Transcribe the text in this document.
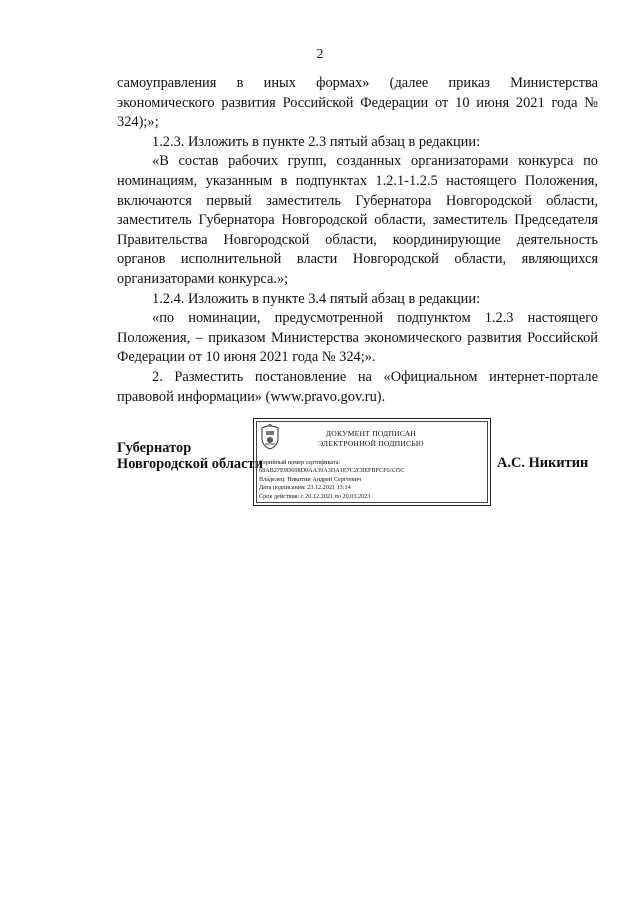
2

самоуправления в иных формах» (далее приказ Министерства экономического развития Российской Федерации от 10 июня 2021 года № 324);»;

1.2.3. Изложить в пункте 2.3 пятый абзац в редакции:

«В состав рабочих групп, созданных организаторами конкурса по номинациям, указанным в подпунктах 1.2.1-1.2.5 настоящего Положения, включаются первый заместитель Губернатора Новгородской области, заместитель Губернатора Новгородской области, заместитель Председателя Правительства Новгородской области, координирующие деятельность органов исполнительной власти Новгородской области, являющихся организаторами конкурса.»;

1.2.4. Изложить в пункте 3.4 пятый абзац в редакции:

«по номинации, предусмотренной подпунктом 1.2.3 настоящего Положения, – приказом Министерства экономического развития Российской Федерации от 10 июня 2021 года № 324;».

2. Разместить постановление на «Официальном интернет-портале правовой информации» (www.pravo.gov.ru).

Губернатор
Новгородской области
ДОКУМЕНТ ПОДПИСАН
ЭЛЕКТРОННОЙ ПОДПИСЬЮ
Серийный номер сертификата:
68AB27E9D698D0AA39A3DA1E7C2C8EFBFCF0A35C
Владелец: Никитин Андрей Сергеевич
Дата подписания: 23.12.2021 13:14
Срок действия: с 20.12.2021 по 20.03.2023
А.С. Никитин
